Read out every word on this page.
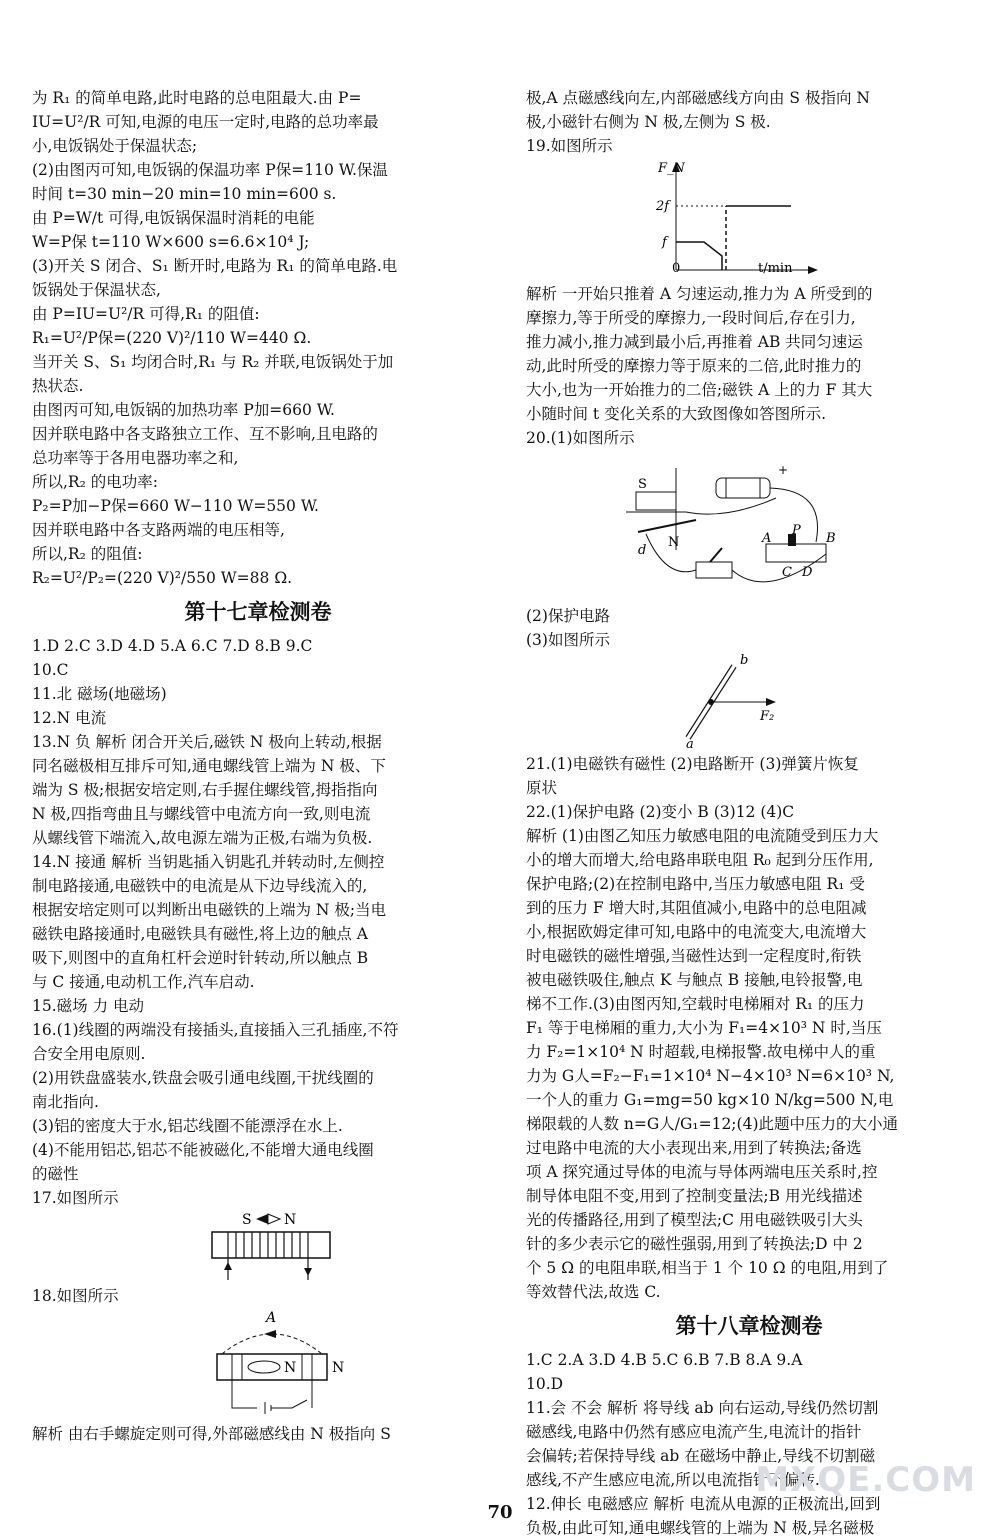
为 R₁ 的简单电路,此时电路的总电阻最大.由 P=
IU=U²/R 可知,电源的电压一定时,电路的总功率最
小,电饭锅处于保温状态;
(2)由图丙可知,电饭锅的保温功率 P保=110 W.保温
时间 t=30 min−20 min=10 min=600 s.
由 P=W/t 可得,电饭锅保温时消耗的电能
W=P保 t=110 W×600 s=6.6×10⁴ J;
(3)开关 S 闭合、S₁ 断开时,电路为 R₁ 的简单电路.电
饭锅处于保温状态,
由 P=IU=U²/R 可得,R₁ 的阻值:
R₁=U²/P保=(220 V)²/110 W=440 Ω.
当开关 S、S₁ 均闭合时,R₁ 与 R₂ 并联,电饭锅处于加
热状态.
由图丙可知,电饭锅的加热功率 P加=660 W.
因并联电路中各支路独立工作、互不影响,且电路的
总功率等于各用电器功率之和,
所以,R₂ 的电功率:
P₂=P加−P保=660 W−110 W=550 W.
因并联电路中各支路两端的电压相等,
所以,R₂ 的阻值:
R₂=U²/P₂=(220 V)²/550 W=88 Ω.
第十七章检测卷
1.D 2.C 3.D 4.D 5.A 6.C 7.D 8.B 9.C
10.C
11.北 磁场(地磁场)
12.N 电流
13.N 负 解析 闭合开关后,磁铁 N 极向上转动,根据
同名磁极相互排斥可知,通电螺线管上端为 N 极、下
端为 S 极;根据安培定则,右手握住螺线管,拇指指向
N 极,四指弯曲且与螺线管中电流方向一致,则电流
从螺线管下端流入,故电源左端为正极,右端为负极.
14.N 接通 解析 当钥匙插入钥匙孔并转动时,左侧控
制电路接通,电磁铁中的电流是从下边导线流入的,
根据安培定则可以判断出电磁铁的上端为 N 极;当电
磁铁电路接通时,电磁铁具有磁性,将上边的触点 A
吸下,则图中的直角杠杆会逆时针转动,所以触点 B
与 C 接通,电动机工作,汽车启动.
15.磁场 力 电动
16.(1)线圈的两端没有接插头,直接插入三孔插座,不符
合安全用电原则.
(2)用铁盘盛装水,铁盘会吸引通电线圈,干扰线圈的
南北指向.
(3)铝的密度大于水,铝芯线圈不能漂浮在水上.
(4)不能用铝芯,铝芯不能被磁化,不能增大通电线圈
的磁性
17.如图所示
S N
18.如图所示
A
N	N
解析 由右手螺旋定则可得,外部磁感线由 N 极指向 S
极,A 点磁感线向左,内部磁感线方向由 S 极指向 N
极,小磁针右侧为 N 极,左侧为 S 极.
19.如图所示
F_N
2f
f
0	t/min
解析 一开始只推着 A 匀速运动,推力为 A 所受到的
摩擦力,等于所受的摩擦力,一段时间后,存在引力,
推力减小,推力减到最小后,再推着 AB 共同匀速运
动,此时所受的摩擦力等于原来的二倍,此时推力的
大小,也为一开始推力的二倍;磁铁 A 上的力 F 其大
小随时间 t 变化关系的大致图像如答图所示.
20.(1)如图所示
S
N
d
+
P
A	B
C D
(2)保护电路
(3)如图所示
b
a
F₂
21.(1)电磁铁有磁性 (2)电路断开 (3)弹簧片恢复
原状
22.(1)保护电路 (2)变小 B (3)12 (4)C
解析 (1)由图乙知压力敏感电阻的电流随受到压力大
小的增大而增大,给电路串联电阻 R₀ 起到分压作用,
保护电路;(2)在控制电路中,当压力敏感电阻 R₁ 受
到的压力 F 增大时,其阻值减小,电路中的总电阻减
小,根据欧姆定律可知,电路中的电流变大,电流增大
时电磁铁的磁性增强,当磁性达到一定程度时,衔铁
被电磁铁吸住,触点 K 与触点 B 接触,电铃报警,电
梯不工作.(3)由图丙知,空载时电梯厢对 R₁ 的压力
F₁ 等于电梯厢的重力,大小为 F₁=4×10³ N 时,当压
力 F₂=1×10⁴ N 时超载,电梯报警.故电梯中人的重
力为 G人=F₂−F₁=1×10⁴ N−4×10³ N=6×10³ N,
一个人的重力 G₁=mg=50 kg×10 N/kg=500 N,电
梯限载的人数 n=G人/G₁=12;(4)此题中压力的大小通
过电路中电流的大小表现出来,用到了转换法;备选
项 A 探究通过导体的电流与导体两端电压关系时,控
制导体电阻不变,用到了控制变量法;B 用光线描述
光的传播路径,用到了模型法;C 用电磁铁吸引大头
针的多少表示它的磁性强弱,用到了转换法;D 中 2
个 5 Ω 的电阻串联,相当于 1 个 10 Ω 的电阻,用到了
等效替代法,故选 C.
第十八章检测卷
1.C 2.A 3.D 4.B 5.C 6.B 7.B 8.A 9.A
10.D
11.会 不会 解析 将导线 ab 向右运动,导线仍然切割
磁感线,电路中仍然有感应电流产生,电流计的指针
会偏转;若保持导线 ab 在磁场中静止,导线不切割磁
感线,不产生感应电流,所以电流指针不偏转.
12.伸长 电磁感应 解析 电流从电源的正极流出,回到
负极,由此可知,通电螺线管的上端为 N 极,异名磁极
70
MXQE.COM
